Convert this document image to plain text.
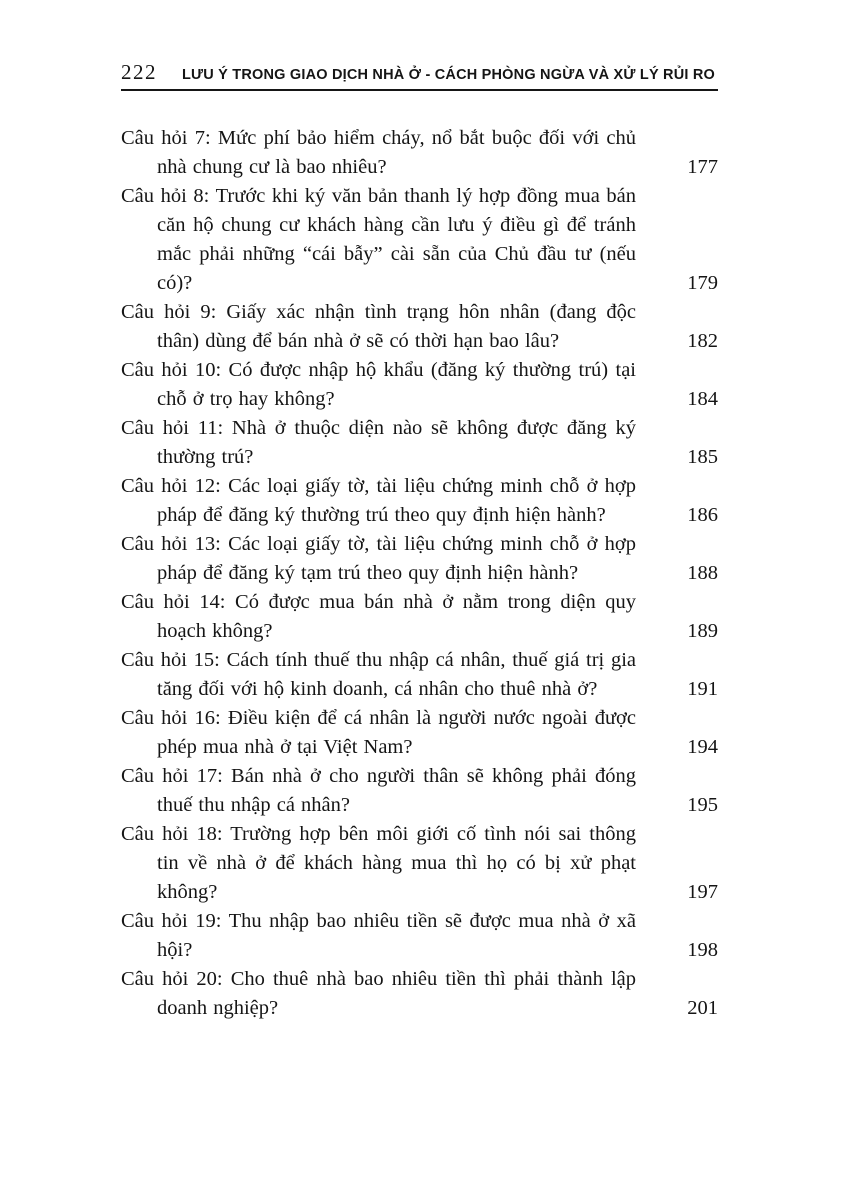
222	LƯU Ý TRONG GIAO DỊCH NHÀ Ở - CÁCH PHÒNG NGỪA VÀ XỬ LÝ RỦI RO
Câu hỏi 7: Mức phí bảo hiểm cháy, nổ bắt buộc đối với chủ nhà chung cư là bao nhiêu?	177
Câu hỏi 8: Trước khi ký văn bản thanh lý hợp đồng mua bán căn hộ chung cư khách hàng cần lưu ý điều gì để tránh mắc phải những “cái bẫy” cài sẵn của Chủ đầu tư (nếu có)?	179
Câu hỏi 9: Giấy xác nhận tình trạng hôn nhân (đang độc thân) dùng để bán nhà ở sẽ có thời hạn bao lâu?	182
Câu hỏi 10: Có được nhập hộ khẩu (đăng ký thường trú) tại chỗ ở trọ hay không?	184
Câu hỏi 11: Nhà ở thuộc diện nào sẽ không được đăng ký thường trú?	185
Câu hỏi 12: Các loại giấy tờ, tài liệu chứng minh chỗ ở hợp pháp để đăng ký thường trú theo quy định hiện hành?	186
Câu hỏi 13: Các loại giấy tờ, tài liệu chứng minh chỗ ở hợp pháp để đăng ký tạm trú theo quy định hiện hành?	188
Câu hỏi 14: Có được mua bán nhà ở nằm trong diện quy hoạch không?	189
Câu hỏi 15: Cách tính thuế thu nhập cá nhân, thuế giá trị gia tăng đối với hộ kinh doanh, cá nhân cho thuê nhà ở?	191
Câu hỏi 16: Điều kiện để cá nhân là người nước ngoài được phép mua nhà ở tại Việt Nam?	194
Câu hỏi 17: Bán nhà ở cho người thân sẽ không phải đóng thuế thu nhập cá nhân?	195
Câu hỏi 18: Trường hợp bên môi giới cố tình nói sai thông tin về nhà ở để khách hàng mua thì họ có bị xử phạt không?	197
Câu hỏi 19: Thu nhập bao nhiêu tiền sẽ được mua nhà ở xã hội?	198
Câu hỏi 20: Cho thuê nhà bao nhiêu tiền thì phải thành lập doanh nghiệp?	201
